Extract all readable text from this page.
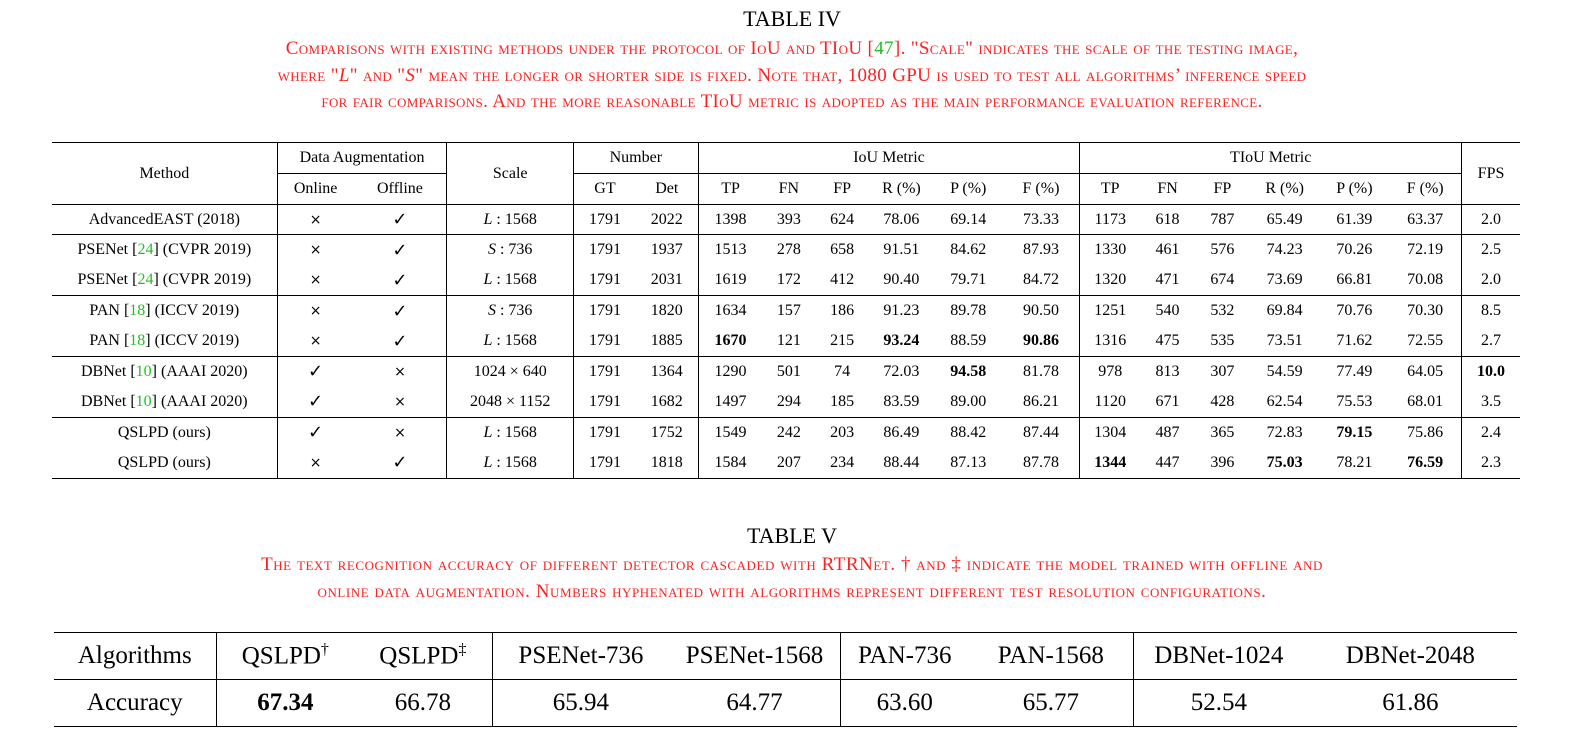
TABLE IV
Comparisons with existing methods under the protocol of IoU and TIoU [47]. "Scale" indicates the scale of the testing image,
where "L" and "S" mean the longer or shorter side is fixed. Note that, 1080 GPU is used to test all algorithms’ inference speed
for fair comparisons. And the more reasonable TIoU metric is adopted as the main performance evaluation reference.
Method	Data Augmentation		Scale	Number		IoU Metric						TIoU Metric						FPS
	Online	Offline		GT	Det	TP	FN	FP	R (%)	P (%)	F (%)	TP	FN	FP	R (%)	P (%)	F (%)	
AdvancedEAST (2018)	×	✓	L : 1568	1791	2022	1398	393	624	78.06	69.14	73.33	1173	618	787	65.49	61.39	63.37	2.0
PSENet [24] (CVPR 2019)	×	✓	S : 736	1791	1937	1513	278	658	91.51	84.62	87.93	1330	461	576	74.23	70.26	72.19	2.5
PSENet [24] (CVPR 2019)	×	✓	L : 1568	1791	2031	1619	172	412	90.40	79.71	84.72	1320	471	674	73.69	66.81	70.08	2.0
PAN [18] (ICCV 2019)	×	✓	S : 736	1791	1820	1634	157	186	91.23	89.78	90.50	1251	540	532	69.84	70.76	70.30	8.5
PAN [18] (ICCV 2019)	×	✓	L : 1568	1791	1885	1670	121	215	93.24	88.59	90.86	1316	475	535	73.51	71.62	72.55	2.7
DBNet [10] (AAAI 2020)	✓	×	1024 × 640	1791	1364	1290	501	74	72.03	94.58	81.78	978	813	307	54.59	77.49	64.05	10.0
DBNet [10] (AAAI 2020)	✓	×	2048 × 1152	1791	1682	1497	294	185	83.59	89.00	86.21	1120	671	428	62.54	75.53	68.01	3.5
QSLPD (ours)	✓	×	L : 1568	1791	1752	1549	242	203	86.49	88.42	87.44	1304	487	365	72.83	79.15	75.86	2.4
QSLPD (ours)	×	✓	L : 1568	1791	1818	1584	207	234	88.44	87.13	87.78	1344	447	396	75.03	78.21	76.59	2.3
TABLE V
The text recognition accuracy of different detector cascaded with RTRNet. † and ‡ indicate the model trained with offline and
online data augmentation. Numbers hyphenated with algorithms represent different test resolution configurations.
Algorithms	QSLPD†	QSLPD‡	PSENet-736	PSENet-1568	PAN-736	PAN-1568	DBNet-1024	DBNet-2048
Accuracy	67.34	66.78	65.94	64.77	63.60	65.77	52.54	61.86
